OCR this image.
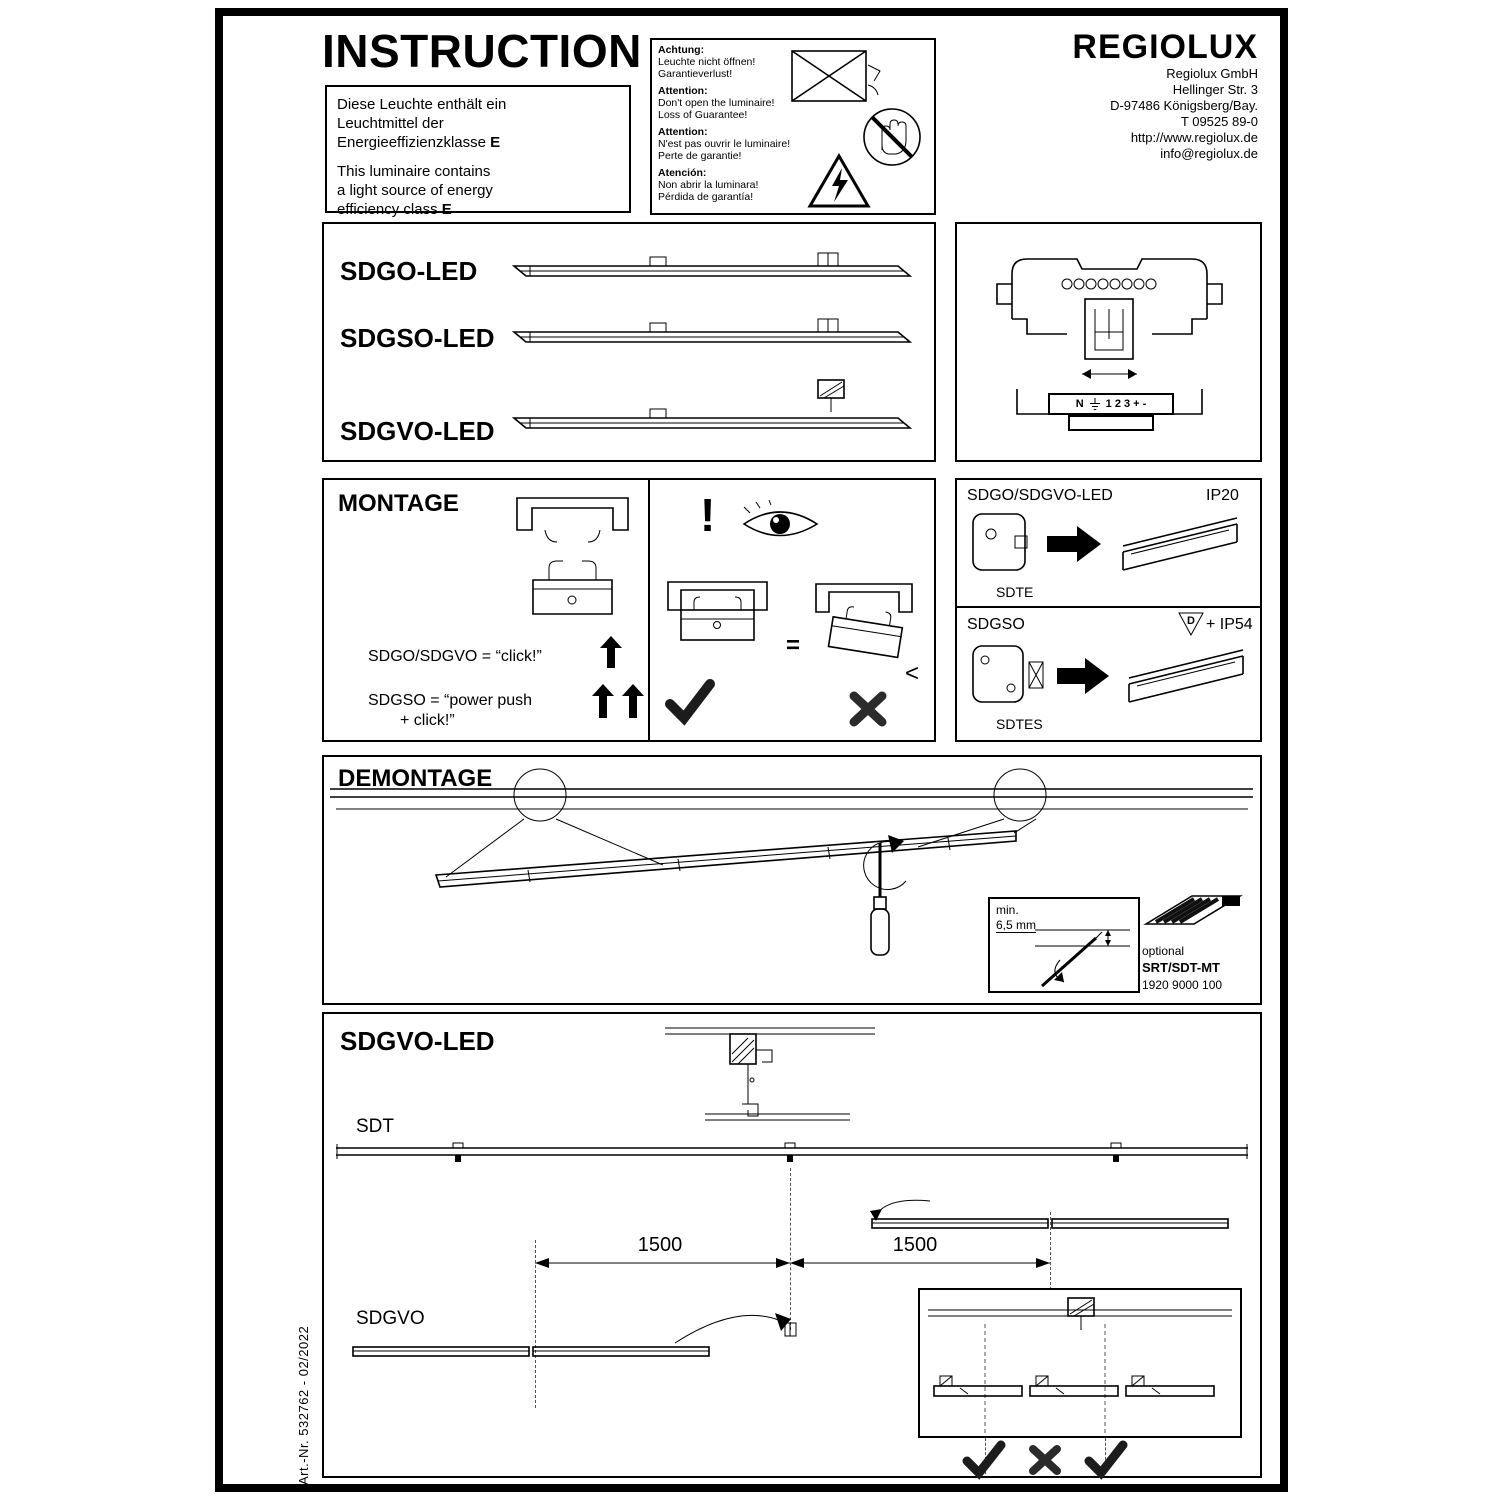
INSTRUCTION
Diese Leuchte enthält ein
Leuchtmittel der
Energieeffizienzklasse E
This luminaire contains
a light source of energy
efficiency class E
Achtung:
Leuchte nicht öffnen!
Garantieverlust!
Attention:
Don't open the luminaire!
Loss of Guarantee!
Attention:
N'est pas ouvrir le luminaire!
Perte de garantie!
Atención:
Non abrir la luminara!
Pérdida de garantía!
REGIOLUX
Regiolux GmbH
Hellinger Str. 3
D-97486 Königsberg/Bay.
T 09525 89-0
http://www.regiolux.de
info@regiolux.de
SDGO-LED
SDGSO-LED
SDGVO-LED
N 1 2 3 + -
MONTAGE
SDGO/SDGVO = “click!”
SDGSO = “power push
+ click!”
!
=
<
SDGO/SDGVO-LED	IP20
SDTE
SDGSO	D + IP54
SDTES
DEMONTAGE
min.
6,5 mm
optional
SRT/SDT-MT
1920 9000 100
SDGVO-LED
SDT
1500	1500
SDGVO
Art.-Nr. 532762 - 02/2022
